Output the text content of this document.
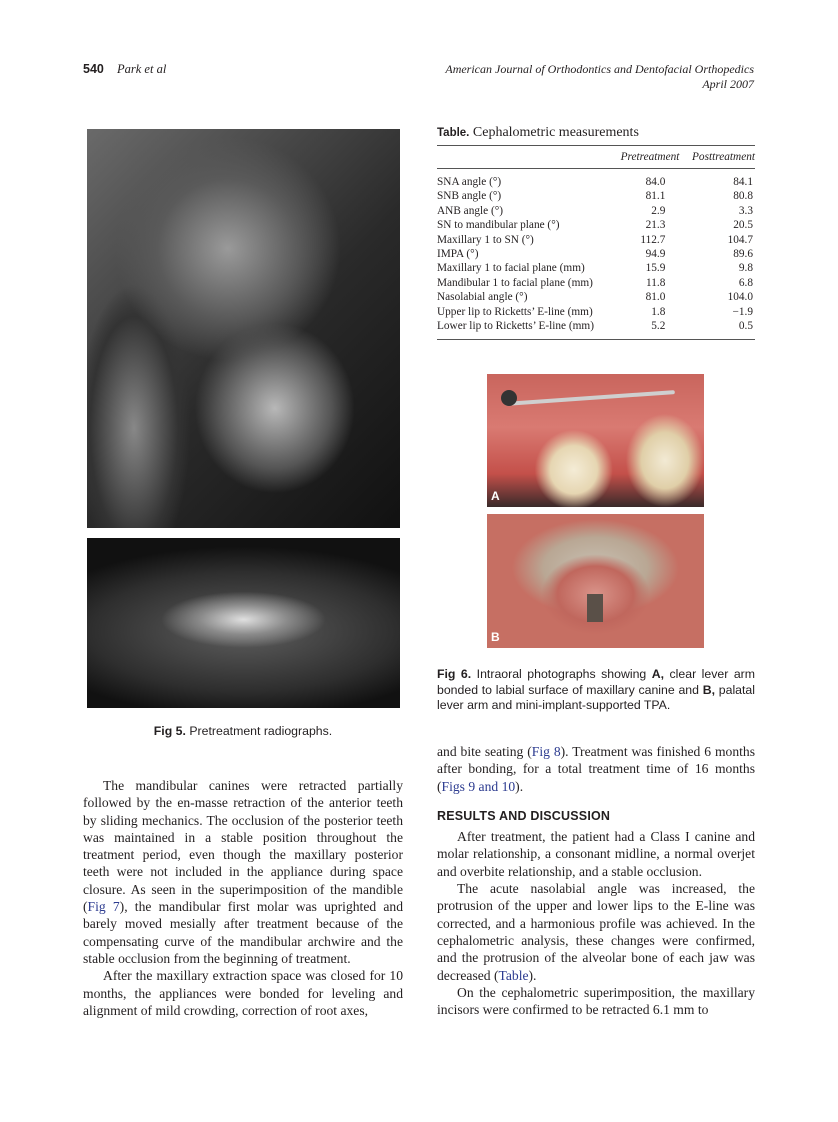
540 Park et al	American Journal of Orthodontics and Dentofacial Orthopedics
April 2007
Fig 5. Pretreatment radiographs.
Table. Cephalometric measurements
	Pretreatment	Posttreatment
SNA angle (°)	84.0	84.1
SNB angle (°)	81.1	80.8
ANB angle (°)	2.9	3.3
SN to mandibular plane (°)	21.3	20.5
Maxillary 1 to SN (°)	112.7	104.7
IMPA (°)	94.9	89.6
Maxillary 1 to facial plane (mm)	15.9	9.8
Mandibular 1 to facial plane (mm)	11.8	6.8
Nasolabial angle (°)	81.0	104.0
Upper lip to Ricketts’ E-line (mm)	1.8	−1.9
Lower lip to Ricketts’ E-line (mm)	5.2	0.5
A
B
Fig 6. Intraoral photographs showing A, clear lever arm bonded to labial surface of maxillary canine and B, palatal lever arm and mini-implant-supported TPA.

The mandibular canines were retracted partially followed by the en-masse retraction of the anterior teeth by sliding mechanics. The occlusion of the posterior teeth was maintained in a stable position throughout the treatment period, even though the maxillary posterior teeth were not included in the appliance during space closure. As seen in the superimposition of the mandible (Fig 7), the mandibular first molar was uprighted and barely moved mesially after treatment because of the compensating curve of the mandibular archwire and the stable occlusion from the beginning of treatment.

After the maxillary extraction space was closed for 10 months, the appliances were bonded for leveling and alignment of mild crowding, correction of root axes,

and bite seating (Fig 8). Treatment was finished 6 months after bonding, for a total treatment time of 16 months (Figs 9 and 10).

RESULTS AND DISCUSSION

After treatment, the patient had a Class I canine and molar relationship, a consonant midline, a normal overjet and overbite relationship, and a stable occlusion.

The acute nasolabial angle was increased, the protrusion of the upper and lower lips to the E-line was corrected, and a harmonious profile was achieved. In the cephalometric analysis, these changes were confirmed, and the protrusion of the alveolar bone of each jaw was decreased (Table).

On the cephalometric superimposition, the maxillary incisors were confirmed to be retracted 6.1 mm to
